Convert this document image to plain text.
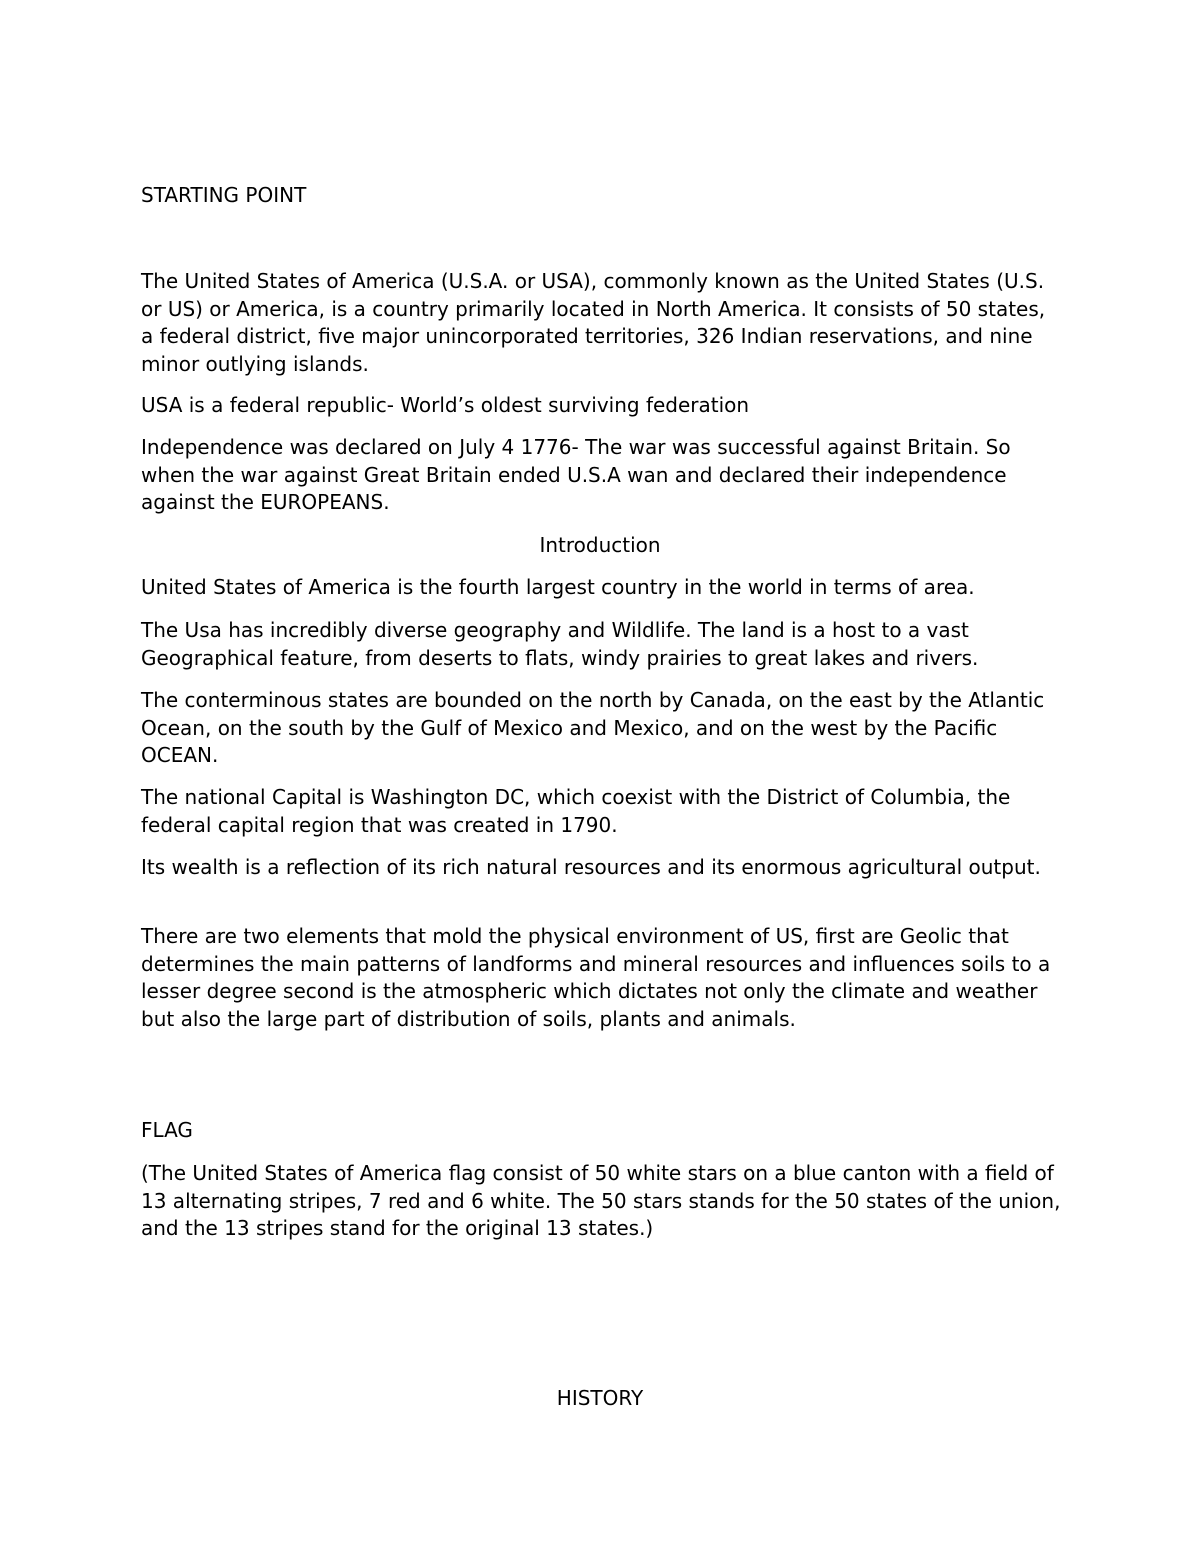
STARTING POINT

The United States of America (U.S.A. or USA), commonly known as the United States (U.S. or US) or America, is a country primarily located in North America. It consists of 50 states, a federal district, five major unincorporated territories, 326 Indian reservations, and nine minor outlying islands.

USA is a federal republic- World’s oldest surviving federation

Independence was declared on July 4 1776- The war was successful against Britain. So when the war against Great Britain ended U.S.A wan and declared their independence against the EUROPEANS.

Introduction

United States of America is the fourth largest country in the world in terms of area.

The Usa has incredibly diverse geography and Wildlife. The land is a host to a vast Geographical feature, from deserts to flats, windy prairies to great lakes and rivers.

The conterminous states are bounded on the north by Canada, on the east by the Atlantic Ocean, on the south by the Gulf of Mexico and Mexico, and on the west by the Pacific OCEAN.

The national Capital is Washington DC, which coexist with the District of Columbia, the federal capital region that was created in 1790.

Its wealth is a reflection of its rich natural resources and its enormous agricultural output.

There are two elements that mold the physical environment of US, first are Geolic that determines the main patterns of landforms and mineral resources and influences soils to a lesser degree second is the atmospheric which dictates not only the climate and weather but also the large part of distribution of soils, plants and animals.

FLAG

(The United States of America flag consist of 50 white stars on a blue canton with a field of 13 alternating stripes, 7 red and 6 white. The 50 stars stands for the 50 states of the union, and the 13 stripes stand for the original 13 states.)

HISTORY
